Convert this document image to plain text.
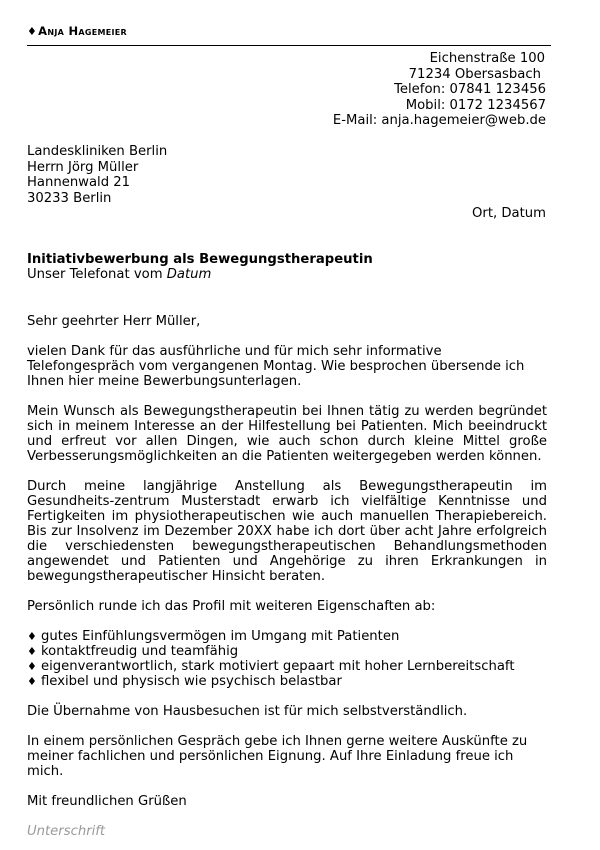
♦Anja Hagemeier
Eichenstraße 100
71234 Obersasbach
Telefon: 07841 123456
Mobil: 0172 1234567
E-Mail: anja.hagemeier@web.de
Landeskliniken Berlin
Herrn Jörg Müller
Hannenwald 21
30233 Berlin
Ort, Datum
Initiativbewerbung als Bewegungstherapeutin
Unser Telefonat vom Datum

Sehr geehrter Herr Müller,

vielen Dank für das ausführliche und für mich sehr informative Telefongespräch vom vergangenen Montag. Wie besprochen übersende ich Ihnen hier meine Bewerbungsunterlagen.

Mein Wunsch als Bewegungstherapeutin bei Ihnen tätig zu werden begründet sich in meinem Interesse an der Hilfestellung bei Patienten. Mich beeindruckt und erfreut vor allen Dingen, wie auch schon durch kleine Mittel große Verbesserungsmöglichkeiten an die Patienten weitergegeben werden können.

Durch meine langjährige Anstellung als Bewegungstherapeutin im Gesundheits-zentrum Musterstadt erwarb ich vielfältige Kenntnisse und Fertigkeiten im physiotherapeutischen wie auch manuellen Therapiebereich. Bis zur Insolvenz im Dezember 20XX habe ich dort über acht Jahre erfolgreich die verschiedensten bewegungstherapeutischen Behandlungsmethoden angewendet und Patienten und Angehörige zu ihren Erkrankungen in bewegungstherapeutischer Hinsicht beraten.

Persönlich runde ich das Profil mit weiteren Eigenschaften ab:

♦ gutes Einfühlungsvermögen im Umgang mit Patienten
♦ kontaktfreudig und teamfähig
♦ eigenverantwortlich, stark motiviert gepaart mit hoher Lernbereitschaft
♦ flexibel und physisch wie psychisch belastbar

Die Übernahme von Hausbesuchen ist für mich selbstverständlich.

In einem persönlichen Gespräch gebe ich Ihnen gerne weitere Auskünfte zu meiner fachlichen und persönlichen Eignung. Auf Ihre Einladung freue ich mich.

Mit freundlichen Grüßen
Unterschrift
